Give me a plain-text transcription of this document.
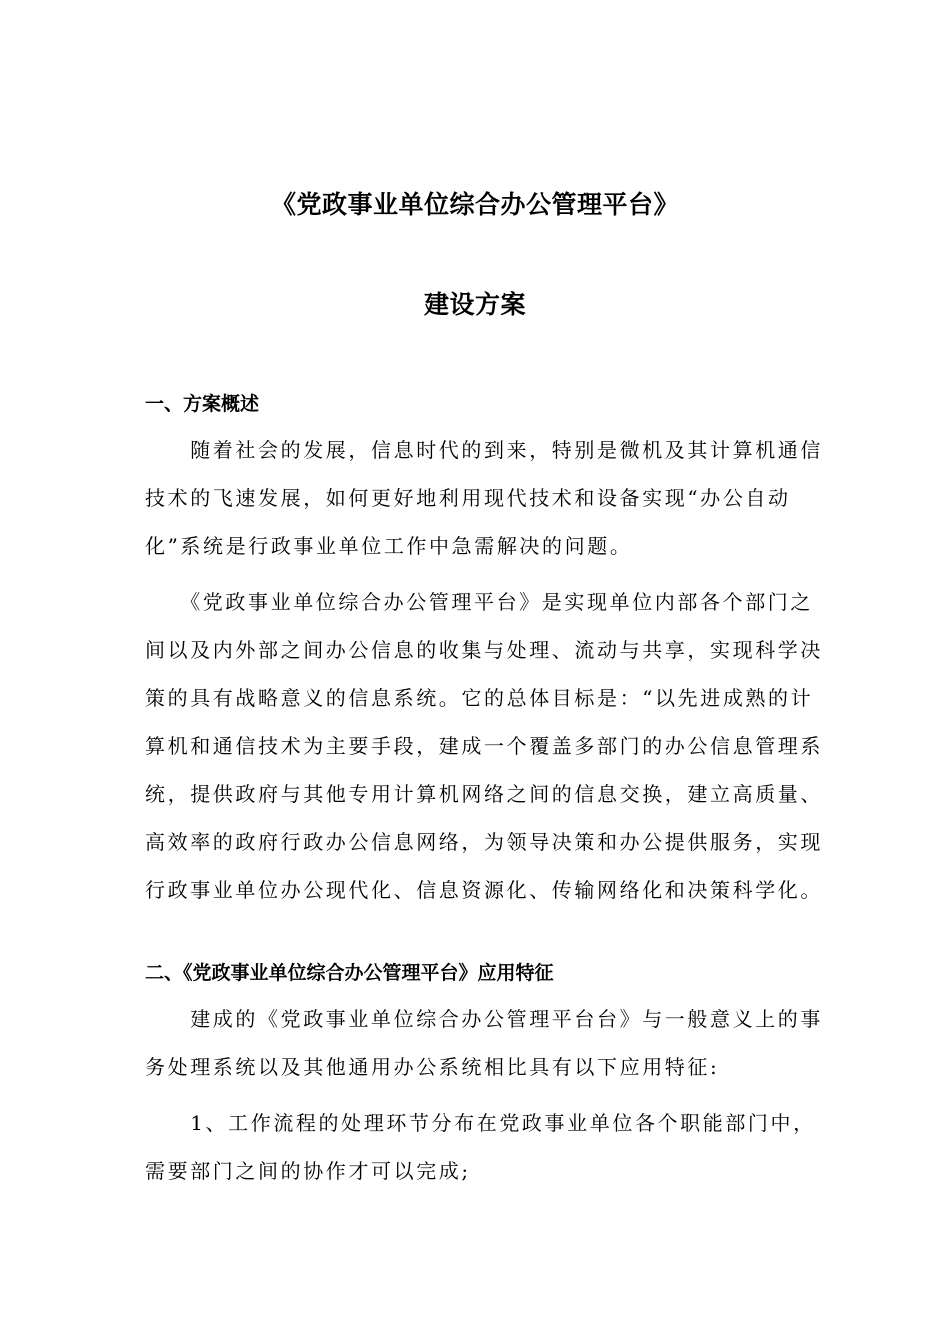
《党政事业单位综合办公管理平台》
建设方案
一、方案概述

　　随着社会的发展，信息时代的到来，特别是微机及其计算机通信
技术的飞速发展，如何更好地利用现代技术和设备实现“办公自动
化”系统是行政事业单位工作中急需解决的问题。

　　《党政事业单位综合办公管理平台》是实现单位内部各个部门之
间以及内外部之间办公信息的收集与处理、流动与共享，实现科学决
策的具有战略意义的信息系统。它的总体目标是：“以先进成熟的计
算机和通信技术为主要手段，建成一个覆盖多部门的办公信息管理系
统，提供政府与其他专用计算机网络之间的信息交换，建立高质量、
高效率的政府行政办公信息网络，为领导决策和办公提供服务，实现
行政事业单位办公现代化、信息资源化、传输网络化和决策科学化。

二、《党政事业单位综合办公管理平台》应用特征

　　建成的《党政事业单位综合办公管理平台台》与一般意义上的事
务处理系统以及其他通用办公系统相比具有以下应用特征:

　　1、工作流程的处理环节分布在党政事业单位各个职能部门中，
需要部门之间的协作才可以完成;
